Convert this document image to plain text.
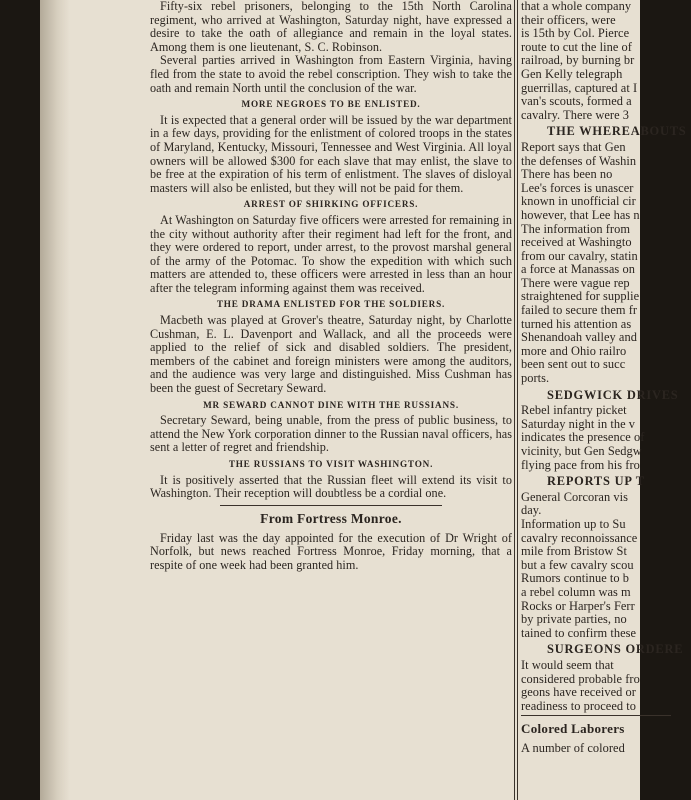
Fifty-six rebel prisoners, belonging to the 15th North Carolina regiment, who arrived at Washington, Saturday night, have expressed a desire to take the oath of allegiance and remain in the loyal states. Among them is one lieutenant, S. C. Robinson.

Several parties arrived in Washington from Eastern Virginia, having fled from the state to avoid the rebel conscription. They wish to take the oath and remain North until the conclusion of the war.

MORE NEGROES TO BE ENLISTED.

It is expected that a general order will be issued by the war department in a few days, providing for the enlistment of colored troops in the states of Maryland, Kentucky, Missouri, Tennessee and West Virginia. All loyal owners will be allowed $300 for each slave that may enlist, the slave to be free at the expiration of his term of enlistment. The slaves of disloyal masters will also be enlisted, but they will not be paid for them.

ARREST OF SHIRKING OFFICERS.

At Washington on Saturday five officers were arrested for remaining in the city without authority after their regiment had left for the front, and they were ordered to report, under arrest, to the provost marshal general of the army of the Potomac. To show the expedition with which such matters are attended to, these officers were arrested in less than an hour after the telegram informing against them was received.

THE DRAMA ENLISTED FOR THE SOLDIERS.

Macbeth was played at Grover's theatre, Saturday night, by Charlotte Cushman, E. L. Davenport and Wallack, and all the proceeds were applied to the relief of sick and disabled soldiers. The president, members of the cabinet and foreign ministers were among the auditors, and the audience was very large and distinguished. Miss Cushman has been the guest of Secretary Seward.

MR SEWARD CANNOT DINE WITH THE RUSSIANS.

Secretary Seward, being unable, from the press of public business, to attend the New York corporation dinner to the Russian naval officers, has sent a letter of regret and friendship.

THE RUSSIANS TO VISIT WASHINGTON.

It is positively asserted that the Russian fleet will extend its visit to Washington. Their reception will doubtless be a cordial one.

From Fortress Monroe.

Friday last was the day appointed for the execution of Dr Wright of Norfolk, but news reached Fortress Monroe, Friday morning, that a respite of one week had been granted him.

that a whole company

their officers, were

is 15th by Col. Pierce

route to cut the line of

railroad, by burning br

Gen Kelly telegraph

guerrillas, captured at I

van's scouts, formed a

cavalry. There were 3

THE WHEREABOUTS

Report says that Gen

the defenses of Washin

There has been no

Lee's forces is unascer

known in unofficial cir

however, that Lee has n

The information from

received at Washingto

from our cavalry, statin

a force at Manassas on

There were vague rep

straightened for supplie

failed to secure them fr

turned his attention as

Shenandoah valley and

more and Ohio railro

been sent out to succ

ports.

SEDGWICK DRIVES

Rebel infantry picket

Saturday night in the v

indicates the presence of

vicinity, but Gen Sedgw

flying pace from his fro

REPORTS UP T

General Corcoran vis

day.

Information up to Su

cavalry reconnoissance

mile from Bristow St

but a few cavalry scou

Rumors continue to b

a rebel column was m

Rocks or Harper's Ferr

by private parties, no

tained to confirm these

SURGEONS ORDERE

It would seem that

considered probable fro

geons have received or

readiness to proceed to

Colored Laborers

A number of colored
